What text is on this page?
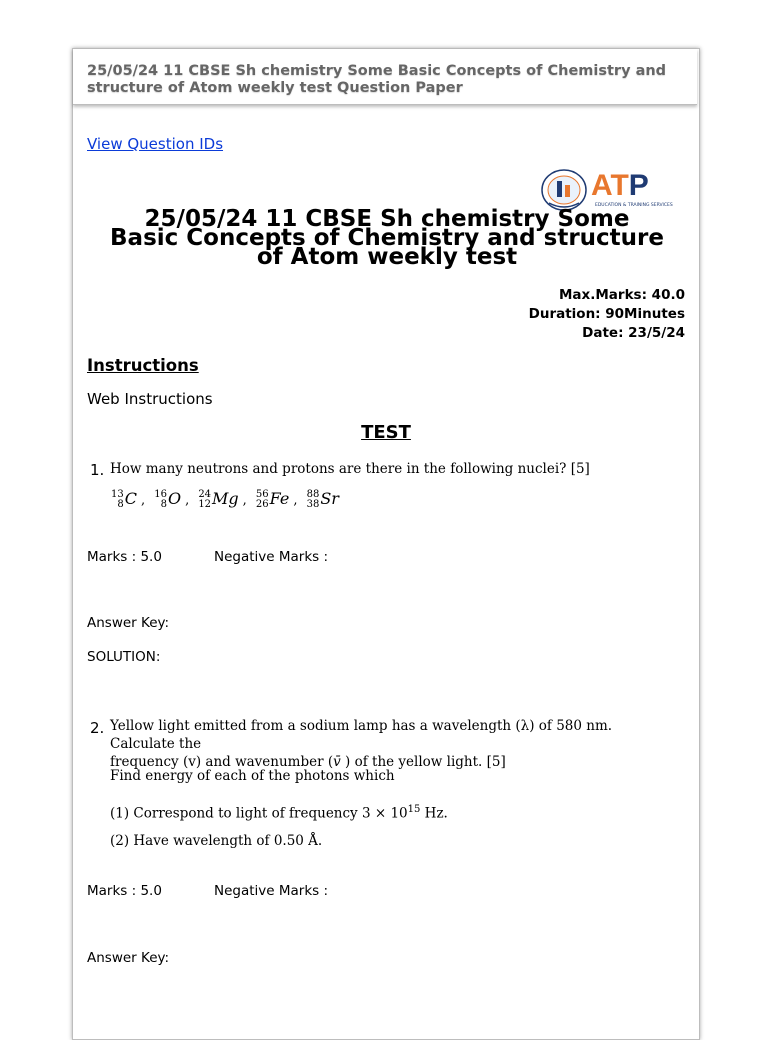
25/05/24 11 CBSE Sh chemistry Some Basic Concepts of Chemistry and structure of Atom weekly test Question Paper
View Question IDs
ATP
EDUCATION & TRAINING SERVICES
25/05/24 11 CBSE Sh chemistry Some
Basic Concepts of Chemistry and structure
of Atom weekly test
Max.Marks: 40.0
Duration: 90Minutes
Date: 23/5/24
Instructions
Web Instructions
TEST
1. How many neutrons and protons are there in the following nuclei? [5]
13
8 C , 16
8 O , 24
12 Mg , 56
26 Fe , 88
38 Sr
Marks : 5.0	Negative Marks :
Answer Key:
SOLUTION:
2. Yellow light emitted from a sodium lamp has a wavelength (λ) of 580 nm. Calculate the
frequency (v) and wavenumber (v̄ ) of the yellow light. [5]
Find energy of each of the photons which
(1) Correspond to light of frequency $3 \times 10^{15}$ Hz.
(2) Have wavelength of 0.50 Å.
Marks : 5.0	Negative Marks :
Answer Key:
